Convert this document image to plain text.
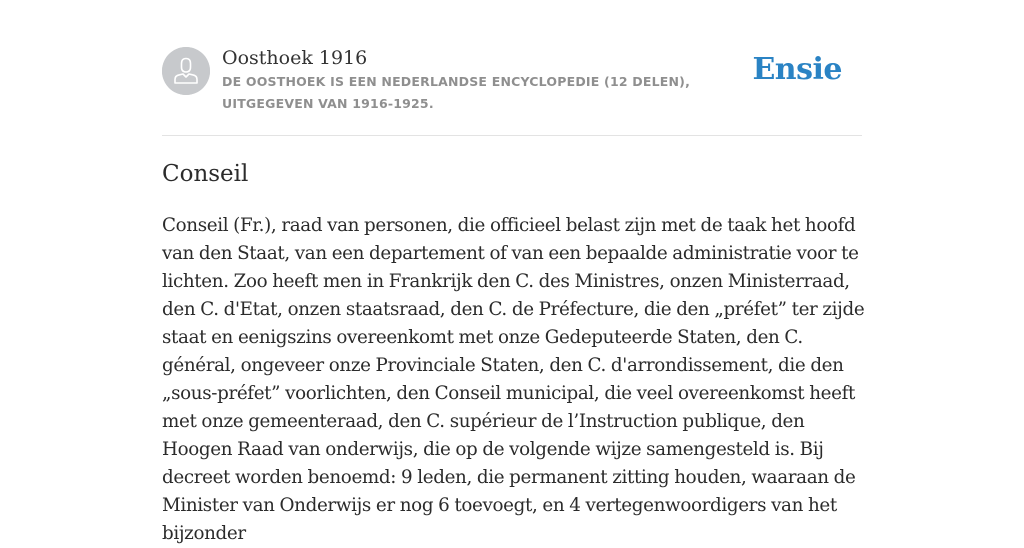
Oosthoek 1916
DE OOSTHOEK IS EEN NEDERLANDSE ENCYCLOPEDIE (12 DELEN), UITGEGEVEN VAN 1916-1925.
Ensie
Conseil

Conseil (Fr.), raad van personen, die officieel belast zijn met de taak het hoofd van den Staat, van een departement of van een bepaalde administratie voor te lichten. Zoo heeft men in Frankrijk den C. des Ministres, onzen Ministerraad, den C. d'Etat, onzen staatsraad, den C. de Préfecture, die den „préfet” ter zijde staat en eenigszins overeenkomt met onze Gedeputeerde Staten, den C. général, ongeveer onze Provinciale Staten, den C. d'arrondissement, die den „sous-préfet” voorlichten, den Conseil municipal, die veel overeenkomst heeft met onze gemeenteraad, den C. supérieur de l’Instruction publique, den Hoogen Raad van onderwijs, die op de volgende wijze samengesteld is. Bij decreet worden benoemd: 9 leden, die permanent zitting houden, waaraan de Minister van Onderwijs er nog 6 toevoegt, en 4 vertegenwoordigers van het bijzonder
